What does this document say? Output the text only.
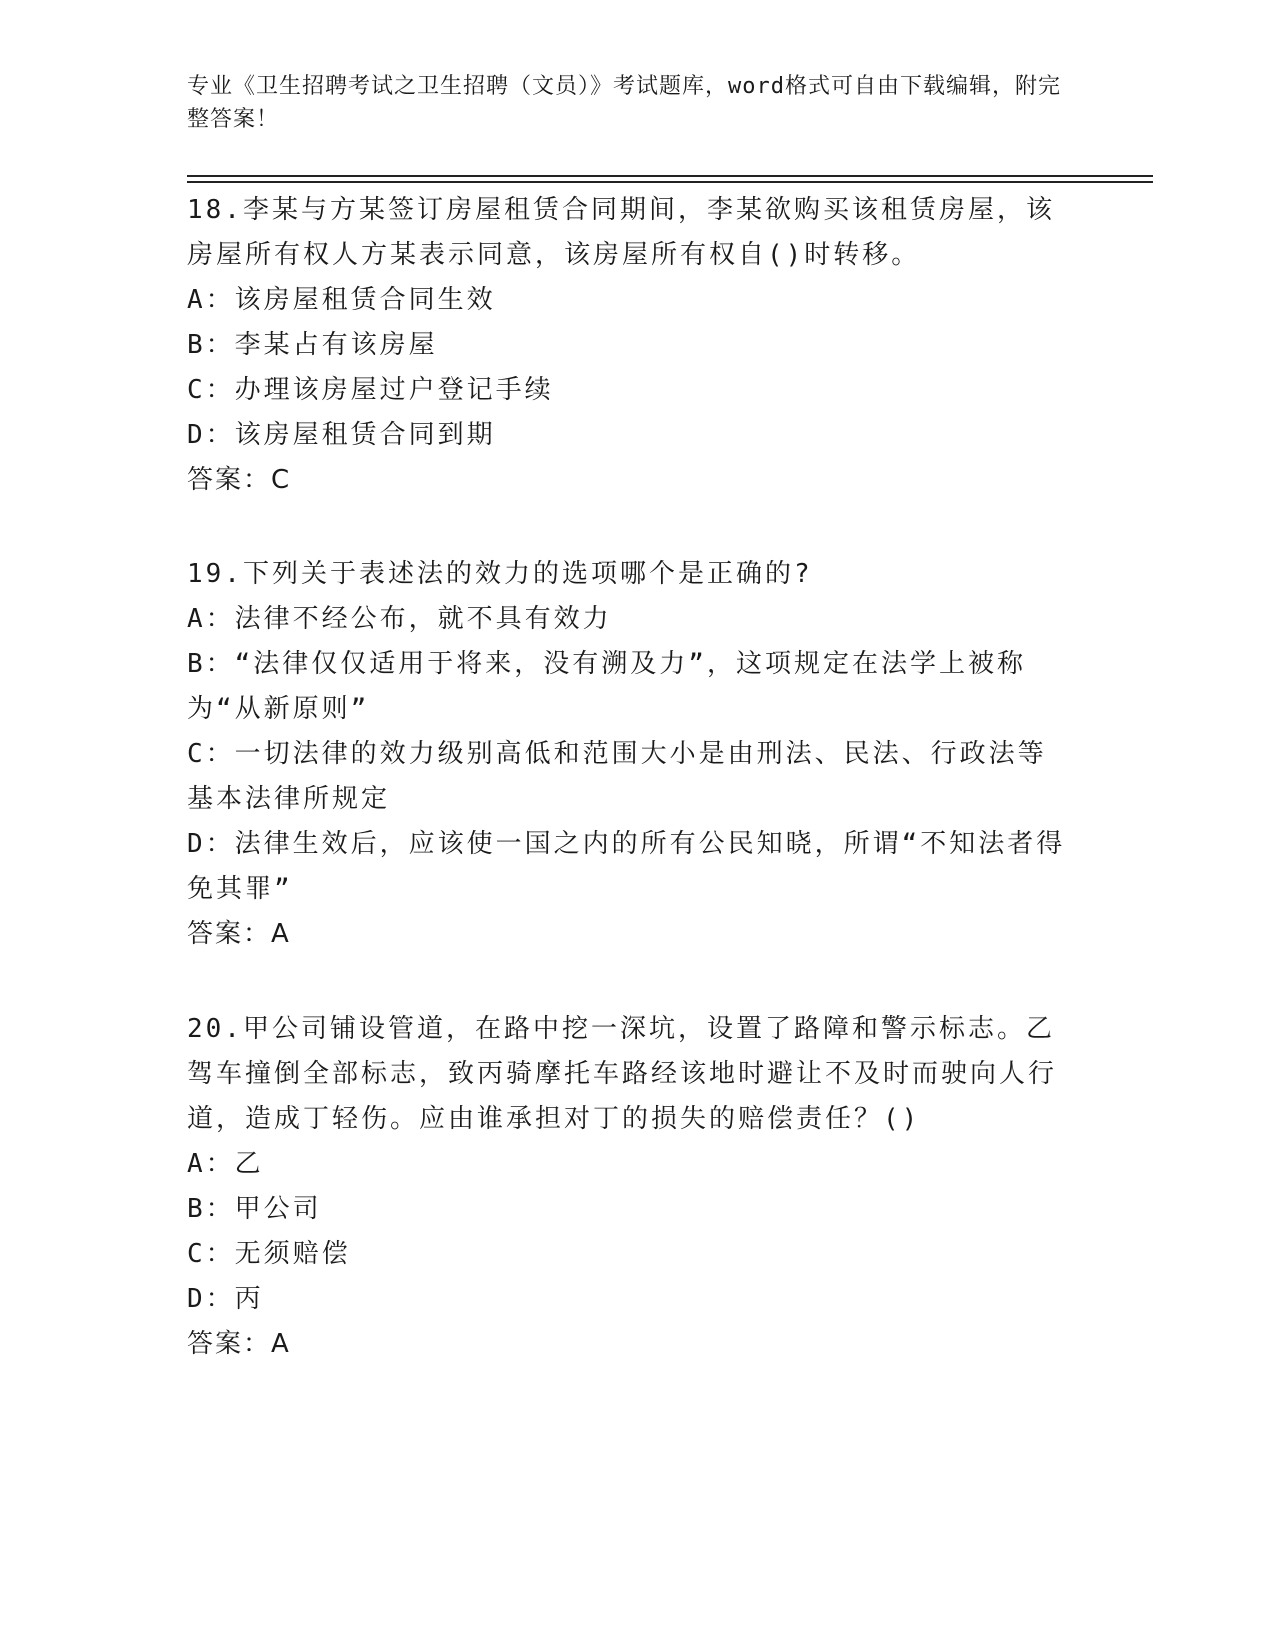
专业《卫生招聘考试之卫生招聘（文员）》考试题库，word格式可自由下载编辑，附完整答案！

18.李某与方某签订房屋租赁合同期间，李某欲购买该租赁房屋，该房屋所有权人方某表示同意，该房屋所有权自()时转移。

A：该房屋租赁合同生效

B：李某占有该房屋

C：办理该房屋过户登记手续

D：该房屋租赁合同到期

答案：C

19.下列关于表述法的效力的选项哪个是正确的?

A：法律不经公布，就不具有效力

B：“法律仅仅适用于将来，没有溯及力”，这项规定在法学上被称为“从新原则”

C：一切法律的效力级别高低和范围大小是由刑法、民法、行政法等基本法律所规定

D：法律生效后，应该使一国之内的所有公民知晓，所谓“不知法者得免其罪”

答案：A

20.甲公司铺设管道，在路中挖一深坑，设置了路障和警示标志。乙驾车撞倒全部标志，致丙骑摩托车路经该地时避让不及时而驶向人行道，造成丁轻伤。应由谁承担对丁的损失的赔偿责任？()

A：乙

B：甲公司

C：无须赔偿

D：丙

答案：A
